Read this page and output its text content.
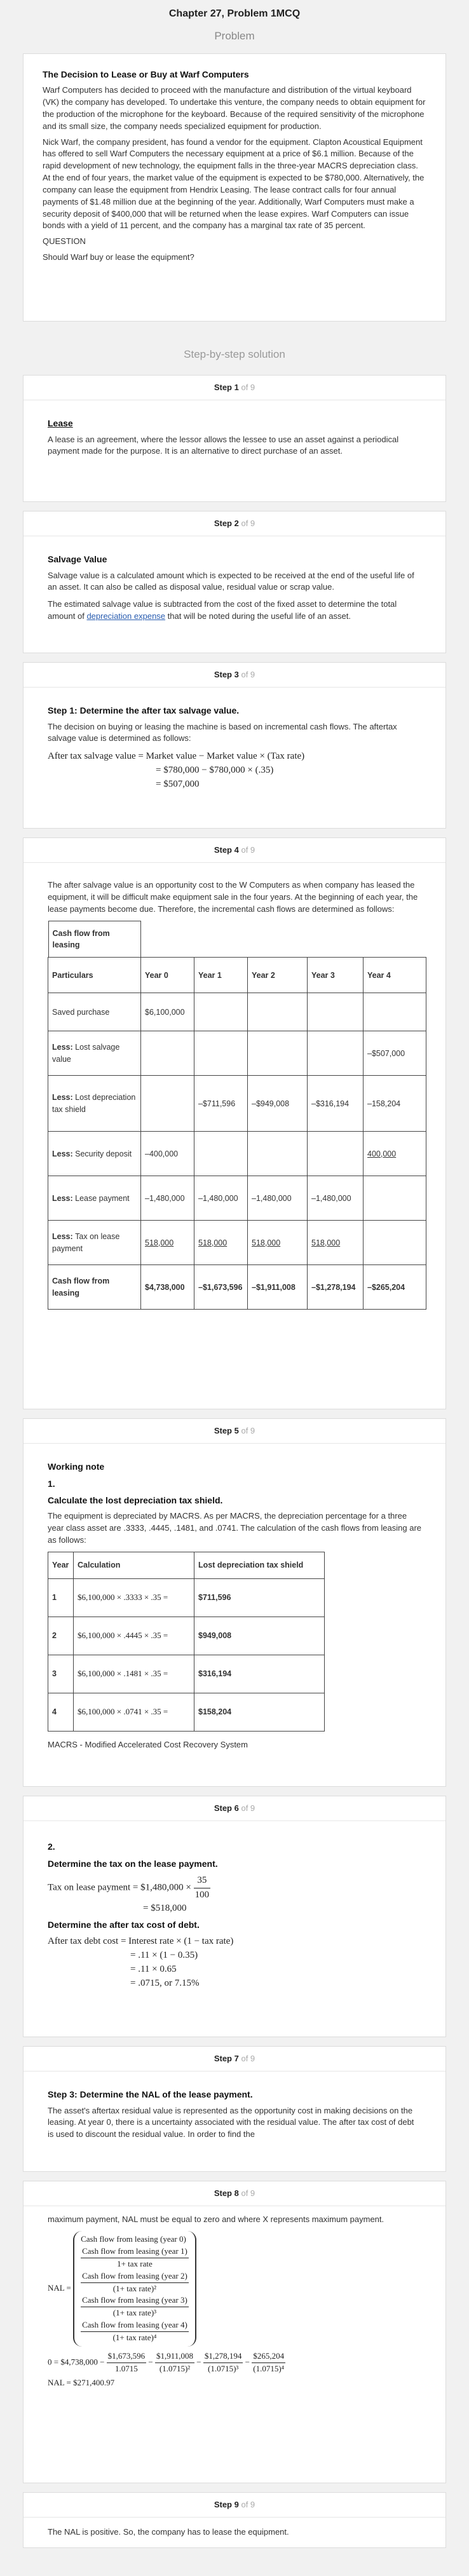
Chapter 27, Problem 1MCQ
Problem
The Decision to Lease or Buy at Warf Computers

Warf Computers has decided to proceed with the manufacture and distribution of the virtual keyboard (VK) the company has developed. To undertake this venture, the company needs to obtain equipment for the production of the microphone for the keyboard. Because of the required sensitivity of the microphone and its small size, the company needs specialized equipment for production.

Nick Warf, the company president, has found a vendor for the equipment. Clapton Acoustical Equipment has offered to sell Warf Computers the necessary equipment at a price of $6.1 million. Because of the rapid development of new technology, the equipment falls in the three-year MACRS depreciation class. At the end of four years, the market value of the equipment is expected to be $780,000. Alternatively, the company can lease the equipment from Hendrix Leasing. The lease contract calls for four annual payments of $1.48 million due at the beginning of the year. Additionally, Warf Computers must make a security deposit of $400,000 that will be returned when the lease expires. Warf Computers can issue bonds with a yield of 11 percent, and the company has a marginal tax rate of 35 percent.

QUESTION

Should Warf buy or lease the equipment?

Step-by-step solution
Step 1 of 9
Lease

A lease is an agreement, where the lessor allows the lessee to use an asset against a periodical payment made for the purpose. It is an alternative to direct purchase of an asset.

Step 2 of 9
Salvage Value

Salvage value is a calculated amount which is expected to be received at the end of the useful life of an asset. It can also be called as disposal value, residual value or scrap value.

The estimated salvage value is subtracted from the cost of the fixed asset to determine the total amount of depreciation expense that will be noted during the useful life of an asset.

Step 3 of 9
Step 1: Determine the after tax salvage value.

The decision on buying or leasing the machine is based on incremental cash flows. The aftertax salvage value is determined as follows:

After tax salvage value = Market value − Market value × (Tax rate)
= $780,000 − $780,000 × (.35)
= $507,000
Step 4 of 9

The after salvage value is an opportunity cost to the W Computers as when company has leased the equipment, it will be difficult make equipment sale in the four years. At the beginning of each year, the lease payments become due. Therefore, the incremental cash flows are determined as follows:

Cash flow from leasing					

Particulars	Year 0	Year 1	Year 2	Year 3	Year 4
Saved purchase	$6,100,000				
Less: Lost salvage value					–$507,000
Less: Lost depreciation tax shield		–$711,596	–$949,008	–$316,194	–158,204
Less: Security deposit	–400,000				400,000
Less: Lease payment	–1,480,000	–1,480,000	–1,480,000	–1,480,000	
Less: Tax on lease payment	518,000	518,000	518,000	518,000	
Cash flow from leasing	$4,738,000	–$1,673,596	–$1,911,008	–$1,278,194	–$265,204
Step 5 of 9
Working note
1.
Calculate the lost depreciation tax shield.

The equipment is depreciated by MACRS. As per MACRS, the depreciation percentage for a three year class asset are .3333, .4445, .1481, and .0741. The calculation of the cash flows from leasing are as follows:

Year	Calculation	Lost depreciation tax shield
1	$6,100,000 × .3333 × .35 =	$711,596
2	$6,100,000 × .4445 × .35 =	$949,008
3	$6,100,000 × .1481 × .35 =	$316,194
4	$6,100,000 × .0741 × .35 =	$158,204

MACRS - Modified Accelerated Cost Recovery System

Step 6 of 9
2.
Determine the tax on the lease payment.
Tax on lease payment = $1,480,000 × $\frac{35}{100}$
= $518,000
Determine the after tax cost of debt.
After tax debt cost = Interest rate × (1 − tax rate)
= .11 × (1 − 0.35)
= .11 × 0.65
= .0715, or 7.15%
Step 7 of 9
Step 3: Determine the NAL of the lease payment.

The asset's aftertax residual value is represented as the opportunity cost in making decisions on the leasing. At year 0, there is a uncertainty associated with the residual value. The after tax cost of debt is used to discount the residual value. In order to find the

Step 8 of 9

maximum payment, NAL must be equal to zero and where X represents maximum payment.

NAL =
Cash flow from leasing (year 0)
$\frac{\text{Cash flow from leasing (year 1)}}{\text{1+ tax rate}}$
$\frac{\text{Cash flow from leasing (year 2)}}{\text{(1+ tax rate)²}}$
$\frac{\text{Cash flow from leasing (year 3)}}{\text{(1+ tax rate)³}}$
$\frac{\text{Cash flow from leasing (year 4)}}{\text{(1+ tax rate)⁴}}$
0 = $4,738,000 − $\frac{\$1,673,596}{1.0715} - \frac{\$1,911,008}{\text{(1.0715)²}} - \frac{\$1,278,194}{\text{(1.0715)³}} - \frac{\$265,204}{\text{(1.0715)⁴}}$
NAL = $271,400.97
Step 9 of 9

The NAL is positive. So, the company has to lease the equipment.
